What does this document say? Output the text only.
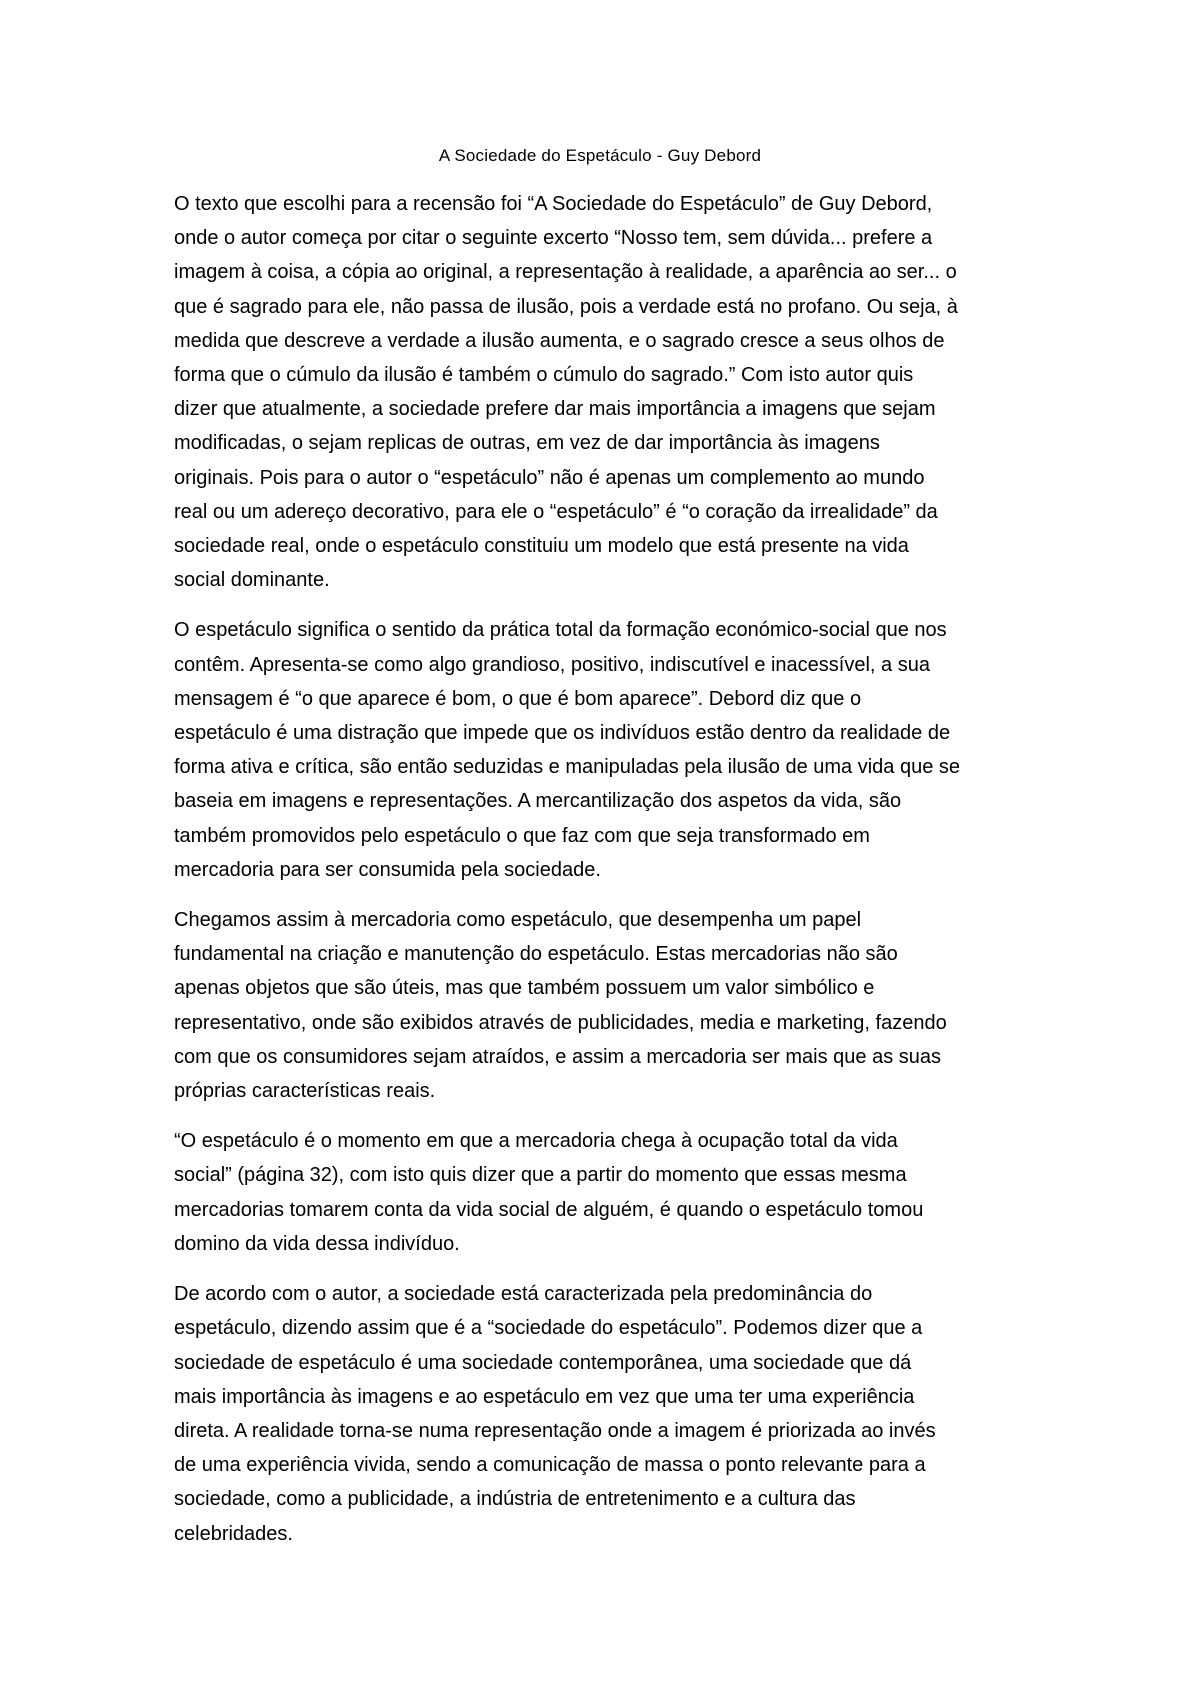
A Sociedade do Espetáculo - Guy Debord

O texto que escolhi para a recensão foi “A Sociedade do Espetáculo” de Guy Debord,
onde o autor começa por citar o seguinte excerto “Nosso tem, sem dúvida... prefere a
imagem à coisa, a cópia ao original, a representação à realidade, a aparência ao ser... o
que é sagrado para ele, não passa de ilusão, pois a verdade está no profano. Ou seja, à
medida que descreve a verdade a ilusão aumenta, e o sagrado cresce a seus olhos de
forma que o cúmulo da ilusão é também o cúmulo do sagrado.” Com isto autor quis
dizer que atualmente, a sociedade prefere dar mais importância a imagens que sejam
modificadas, o sejam replicas de outras, em vez de dar importância às imagens
originais. Pois para o autor o “espetáculo” não é apenas um complemento ao mundo
real ou um adereço decorativo, para ele o “espetáculo” é “o coração da irrealidade” da
sociedade real, onde o espetáculo constituiu um modelo que está presente na vida
social dominante.

O espetáculo significa o sentido da prática total da formação económico-social que nos
contêm. Apresenta-se como algo grandioso, positivo, indiscutível e inacessível, a sua
mensagem é “o que aparece é bom, o que é bom aparece”. Debord diz que o
espetáculo é uma distração que impede que os indivíduos estão dentro da realidade de
forma ativa e crítica, são então seduzidas e manipuladas pela ilusão de uma vida que se
baseia em imagens e representações. A mercantilização dos aspetos da vida, são
também promovidos pelo espetáculo o que faz com que seja transformado em
mercadoria para ser consumida pela sociedade.

Chegamos assim à mercadoria como espetáculo, que desempenha um papel
fundamental na criação e manutenção do espetáculo. Estas mercadorias não são
apenas objetos que são úteis, mas que também possuem um valor simbólico e
representativo, onde são exibidos através de publicidades, media e marketing, fazendo
com que os consumidores sejam atraídos, e assim a mercadoria ser mais que as suas
próprias características reais.

“O espetáculo é o momento em que a mercadoria chega à ocupação total da vida
social” (página 32), com isto quis dizer que a partir do momento que essas mesma
mercadorias tomarem conta da vida social de alguém, é quando o espetáculo tomou
domino da vida dessa indivíduo.

De acordo com o autor, a sociedade está caracterizada pela predominância do
espetáculo, dizendo assim que é a “sociedade do espetáculo”. Podemos dizer que a
sociedade de espetáculo é uma sociedade contemporânea, uma sociedade que dá
mais importância às imagens e ao espetáculo em vez que uma ter uma experiência
direta. A realidade torna-se numa representação onde a imagem é priorizada ao invés
de uma experiência vivida, sendo a comunicação de massa o ponto relevante para a
sociedade, como a publicidade, a indústria de entretenimento e a cultura das
celebridades.
